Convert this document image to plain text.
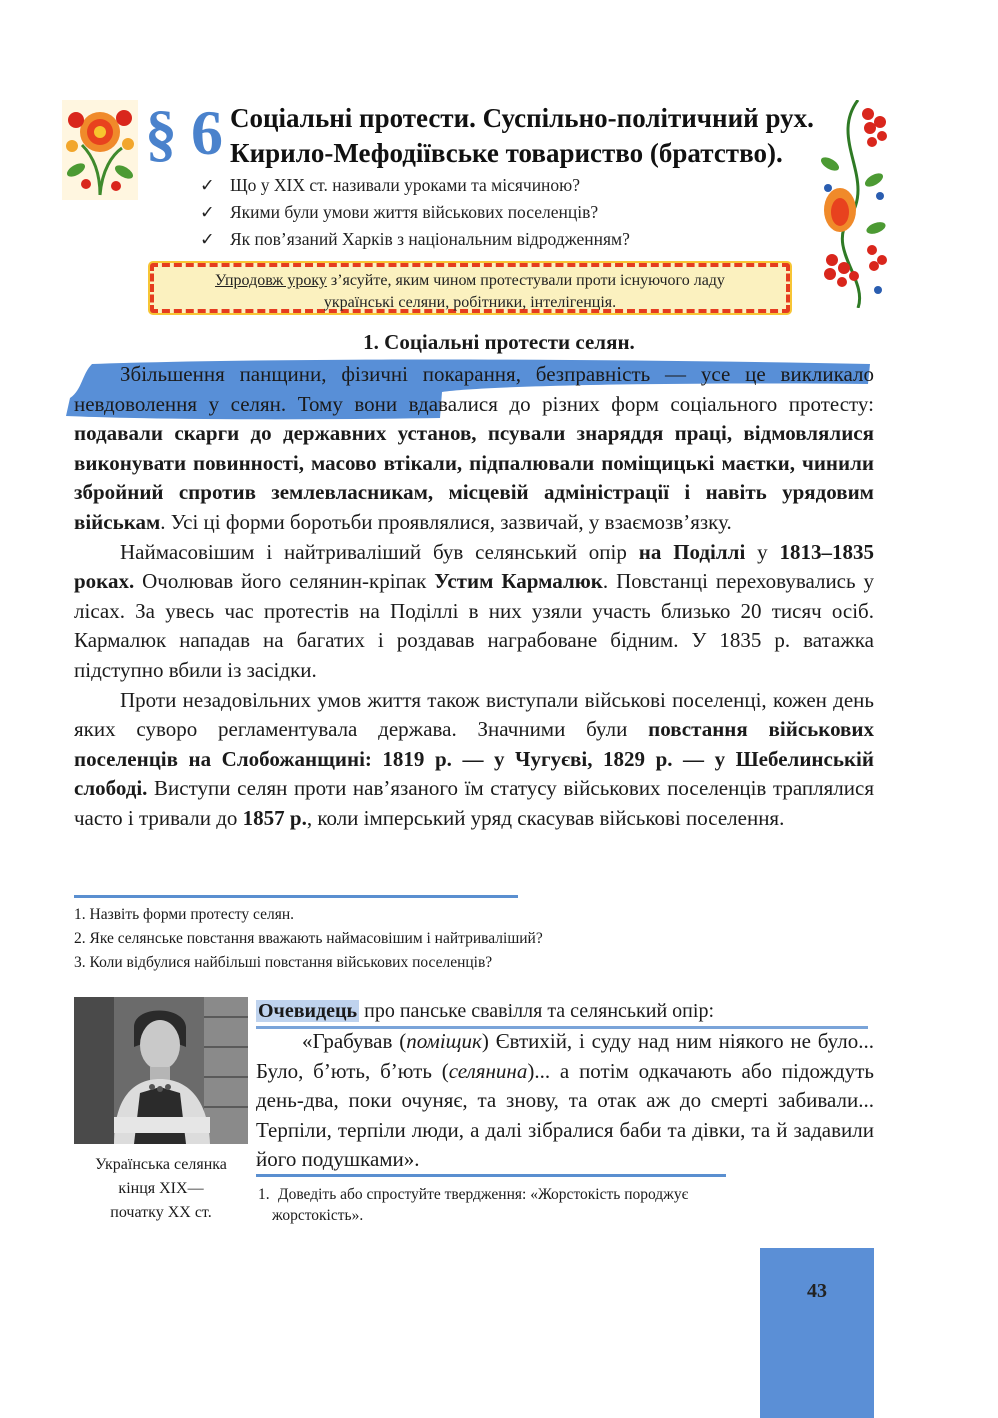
§ 6 Соціальні протести. Суспільно-політичний рух.
Кирило-Мефодіївське товариство (братство).
✓ Що у ХІХ ст. називали уроками та місячиною?
✓ Якими були умови життя військових поселенців?
✓ Як пов’язаний Харків з національним відродженням?
Упродовж уроку з’ясуйте, яким чином протестували проти існуючого ладу
українські селяни, робітники, інтелігенція.
1. Соціальні протести селян.

Збільшення панщини, фізичні покарання, безправність — усе це викликало невдоволення у селян. Тому вони вдавалися до різних форм соціального протесту: подавали скарги до державних установ, псували знаряддя праці, відмовлялися виконувати повинності, масово втікали, підпалювали поміщицькі маєтки, чинили збройний спротив землевласникам, місцевій адміністрації і навіть урядовим військам. Усі ці форми боротьби проявлялися, зазвичай, у взаємозв’язку.

Наймасовішим і найтриваліший був селянський опір на Поділлі у 1813–1835 роках. Очолював його селянин-кріпак Устим Кармалюк. Повстанці переховувались у лісах. За увесь час протестів на Поділлі в них узяли участь близько 20 тисяч осіб. Кармалюк нападав на багатих і роздавав награбоване бідним. У 1835 р. ватажка підступно вбили із засідки.

Проти незадовільних умов життя також виступали військові поселенці, кожен день яких суворо регламентувала держава. Значними були повстання військових поселенців на Слобожанщині: 1819 р. — у Чугуєві, 1829 р. — у Шебелинській слободі. Виступи селян проти нав’язаного їм статусу військових поселенців траплялися часто і тривали до 1857 р., коли імперський уряд скасував військові поселення.

1. Назвіть форми протесту селян.
2. Яке селянське повстання вважають наймасовішим і найтриваліший?
3. Коли відбулися найбільші повстання військових поселенців?
Українська селянка
кінця ХІХ—
початку ХХ ст.
Очевидець про панське свавілля та селянський опір:

«Грабував (поміщик) Євтихій, і суду над ним ніякого не було... Було, б’ють, б’ють (селянина)... а потім одкачають або підождуть день-два, поки очуняє, та знову, та отак аж до смерті забивали... Терпіли, терпіли люди, а далі зібралися баби та дівки, та й задавили його подушками».

1. Доведіть або спростуйте твердження: «Жорстокість породжує
жорстокість».
43
